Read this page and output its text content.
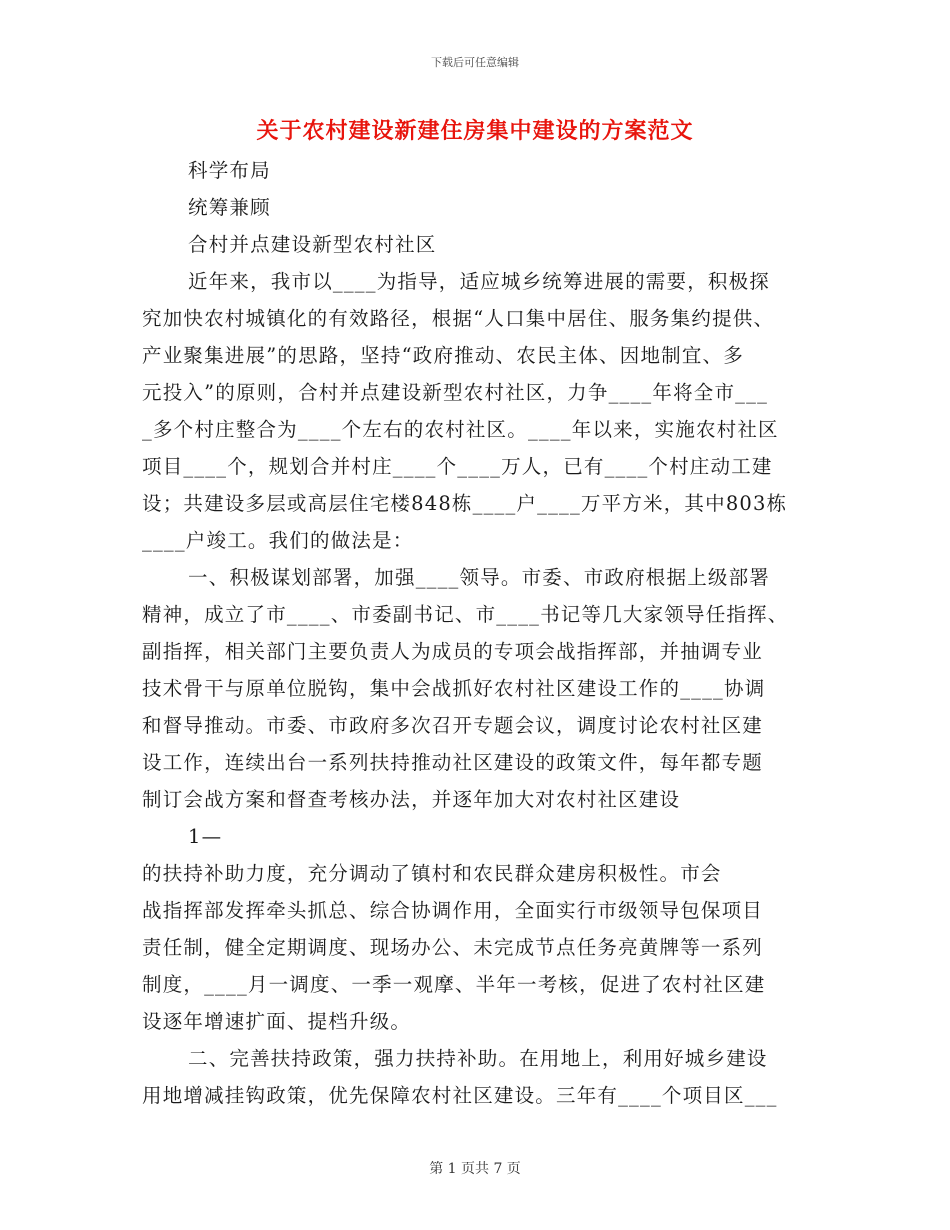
下载后可任意编辑
关于农村建设新建住房集中建设的方案范文
科学布局
统筹兼顾
合村并点建设新型农村社区
近年来，我市以____为指导，适应城乡统筹进展的需要，积极探
究加快农村城镇化的有效路径，根据“人口集中居住、服务集约提供、
产业聚集进展”的思路，坚持“政府推动、农民主体、因地制宜、多
元投入”的原则，合村并点建设新型农村社区，力争____年将全市___
_多个村庄整合为____个左右的农村社区。____年以来，实施农村社区
项目____个，规划合并村庄____个____万人，已有____个村庄动工建
设；共建设多层或高层住宅楼848栋____户____万平方米，其中803栋
____户竣工。我们的做法是：
一、积极谋划部署，加强____领导。市委、市政府根据上级部署
精神，成立了市____、市委副书记、市____书记等几大家领导任指挥、
副指挥，相关部门主要负责人为成员的专项会战指挥部，并抽调专业
技术骨干与原单位脱钩，集中会战抓好农村社区建设工作的____协调
和督导推动。市委、市政府多次召开专题会议，调度讨论农村社区建
设工作，连续出台一系列扶持推动社区建设的政策文件，每年都专题
制订会战方案和督查考核办法，并逐年加大对农村社区建设
1—
的扶持补助力度，充分调动了镇村和农民群众建房积极性。市会
战指挥部发挥牵头抓总、综合协调作用，全面实行市级领导包保项目
责任制，健全定期调度、现场办公、未完成节点任务亮黄牌等一系列
制度，____月一调度、一季一观摩、半年一考核，促进了农村社区建
设逐年增速扩面、提档升级。
二、完善扶持政策，强力扶持补助。在用地上，利用好城乡建设
用地增减挂钩政策，优先保障农村社区建设。三年有____个项目区___
第 1 页共 7 页
